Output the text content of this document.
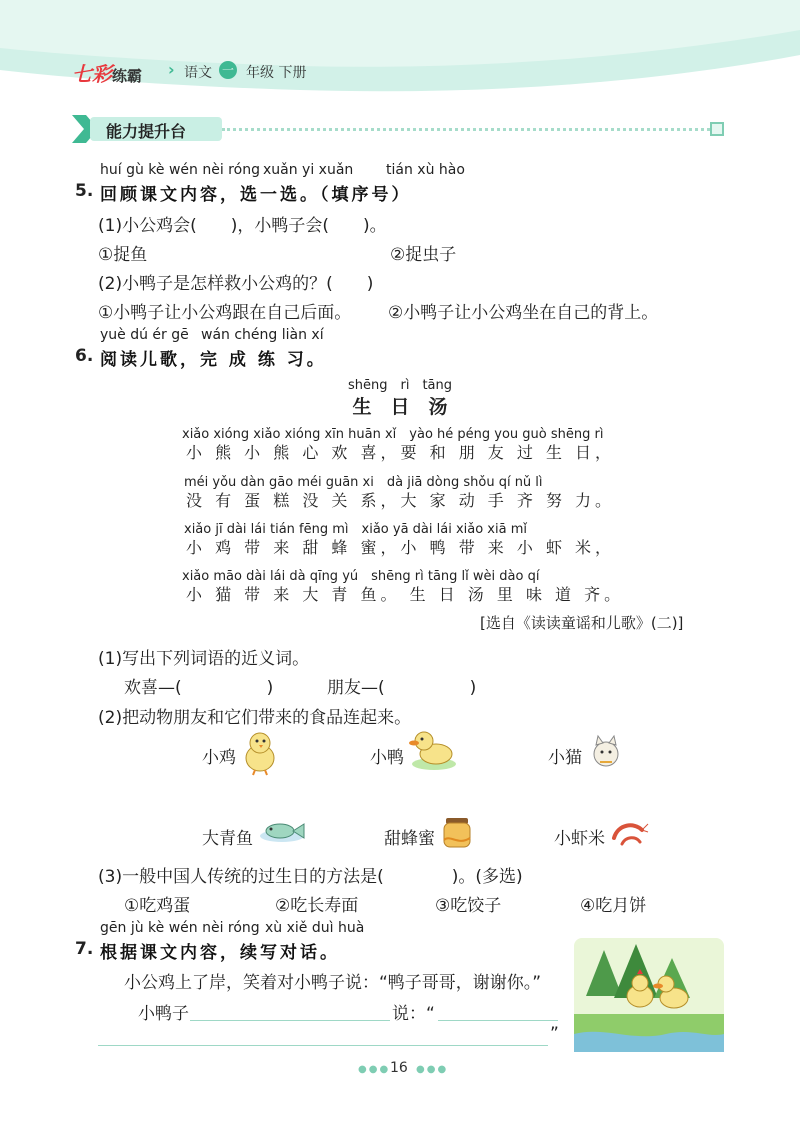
七彩练霸 › 语文 一 年级 下册
能力提升台
huí gù kè wén nèi róng xuǎn yi xuǎn tián xù hào
5. 回顾课文内容，选一选。（填序号）
(1)小公鸡会(　　)，小鸭子会(　　)。
①捉鱼	②捉虫子
(2)小鸭子是怎样救小公鸡的？(　　)
①小鸭子让小公鸡跟在自己后面。 ②小鸭子让小公鸡坐在自己的背上。
yuè dú ér gē wán chéng liàn xí
6. 阅读儿歌，完 成 练 习。
shēng　rì　tāng
生　日　汤
xiǎo xióng xiǎo xióng xīn huān xǐ　yào hé péng you guò shēng rì
小 熊 小 熊 心 欢 喜，要 和 朋 友 过 生 日，
méi yǒu dàn gāo méi guān xi　dà jiā dòng shǒu qí nǔ lì
没 有 蛋 糕 没 关 系，大 家 动 手 齐 努 力。
xiǎo jī dài lái tián fēng mì　xiǎo yā dài lái xiǎo xiā mǐ
小 鸡 带 来 甜 蜂 蜜，小 鸭 带 来 小 虾 米，
xiǎo māo dài lái dà qīng yú　shēng rì tāng lǐ wèi dào qí
小 猫 带 来 大 青 鱼。 生 日 汤 里 味 道 齐。
[选自《读读童谣和儿歌》(二)]
(1)写出下列词语的近义词。
欢喜—(　　　　　)	朋友—(　　　　　)
(2)把动物朋友和它们带来的食品连起来。
小鸡	小鸭	小猫
大青鱼	甜蜂蜜	小虾米
(3)一般中国人传统的过生日的方法是(　　　　)。(多选)
①吃鸡蛋	②吃长寿面	③吃饺子	④吃月饼
gēn jù kè wén nèi róng xù xiě duì huà
7. 根据课文内容，续写对话。
小公鸡上了岸，笑着对小鸭子说：“鸭子哥哥，谢谢你。”
小鸭子	说：“
”
●●● 16 ●●●
